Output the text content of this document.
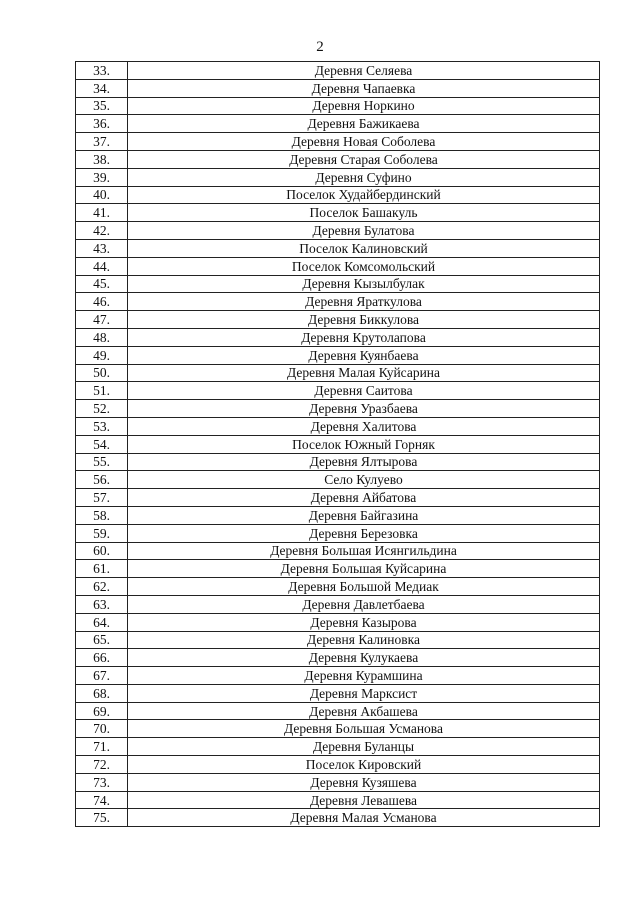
2
33.	Деревня Селяева
34.	Деревня Чапаевка
35.	Деревня Норкино
36.	Деревня Бажикаева
37.	Деревня Новая Соболева
38.	Деревня Старая Соболева
39.	Деревня Суфино
40.	Поселок Худайбердинский
41.	Поселок Башакуль
42.	Деревня Булатова
43.	Поселок Калиновский
44.	Поселок Комсомольский
45.	Деревня Кызылбулак
46.	Деревня Яраткулова
47.	Деревня Биккулова
48.	Деревня Крутолапова
49.	Деревня Куянбаева
50.	Деревня Малая Куйсарина
51.	Деревня Саитова
52.	Деревня Уразбаева
53.	Деревня Халитова
54.	Поселок Южный Горняк
55.	Деревня Ялтырова
56.	Село Кулуево
57.	Деревня Айбатова
58.	Деревня Байгазина
59.	Деревня Березовка
60.	Деревня Большая Исянгильдина
61.	Деревня Большая Куйсарина
62.	Деревня Большой Медиак
63.	Деревня Давлетбаева
64.	Деревня Казырова
65.	Деревня Калиновка
66.	Деревня Кулукаева
67.	Деревня Курамшина
68.	Деревня Марксист
69.	Деревня Акбашева
70.	Деревня Большая Усманова
71.	Деревня Буланцы
72.	Поселок Кировский
73.	Деревня Кузяшева
74.	Деревня Левашева
75.	Деревня Малая Усманова
